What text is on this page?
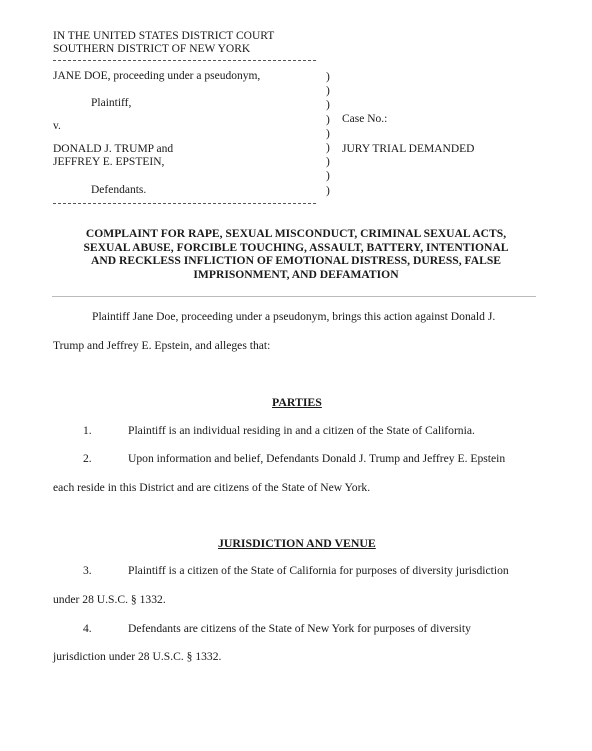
IN THE UNITED STATES DISTRICT COURT
SOUTHERN DISTRICT OF NEW YORK
JANE DOE, proceeding under a pseudonym,
Plaintiff,
v.
DONALD J. TRUMP and
JEFFREY E. EPSTEIN,
Defendants.
)
)
)
)
)
)
)
)
)
Case No.:
JURY TRIAL DEMANDED
COMPLAINT FOR RAPE, SEXUAL MISCONDUCT, CRIMINAL SEXUAL ACTS,
SEXUAL ABUSE, FORCIBLE TOUCHING, ASSAULT, BATTERY, INTENTIONAL
AND RECKLESS INFLICTION OF EMOTIONAL DISTRESS, DURESS, FALSE
IMPRISONMENT, AND DEFAMATION
Plaintiff Jane Doe, proceeding under a pseudonym, brings this action against Donald J.
Trump and Jeffrey E. Epstein, and alleges that:
PARTIES
1.	Plaintiff is an individual residing in and a citizen of the State of California.
2.	Upon information and belief, Defendants Donald J. Trump and Jeffrey E. Epstein
each reside in this District and are citizens of the State of New York.
JURISDICTION AND VENUE
3.	Plaintiff is a citizen of the State of California for purposes of diversity jurisdiction
under 28 U.S.C. § 1332.
4.	Defendants are citizens of the State of New York for purposes of diversity
jurisdiction under 28 U.S.C. § 1332.
